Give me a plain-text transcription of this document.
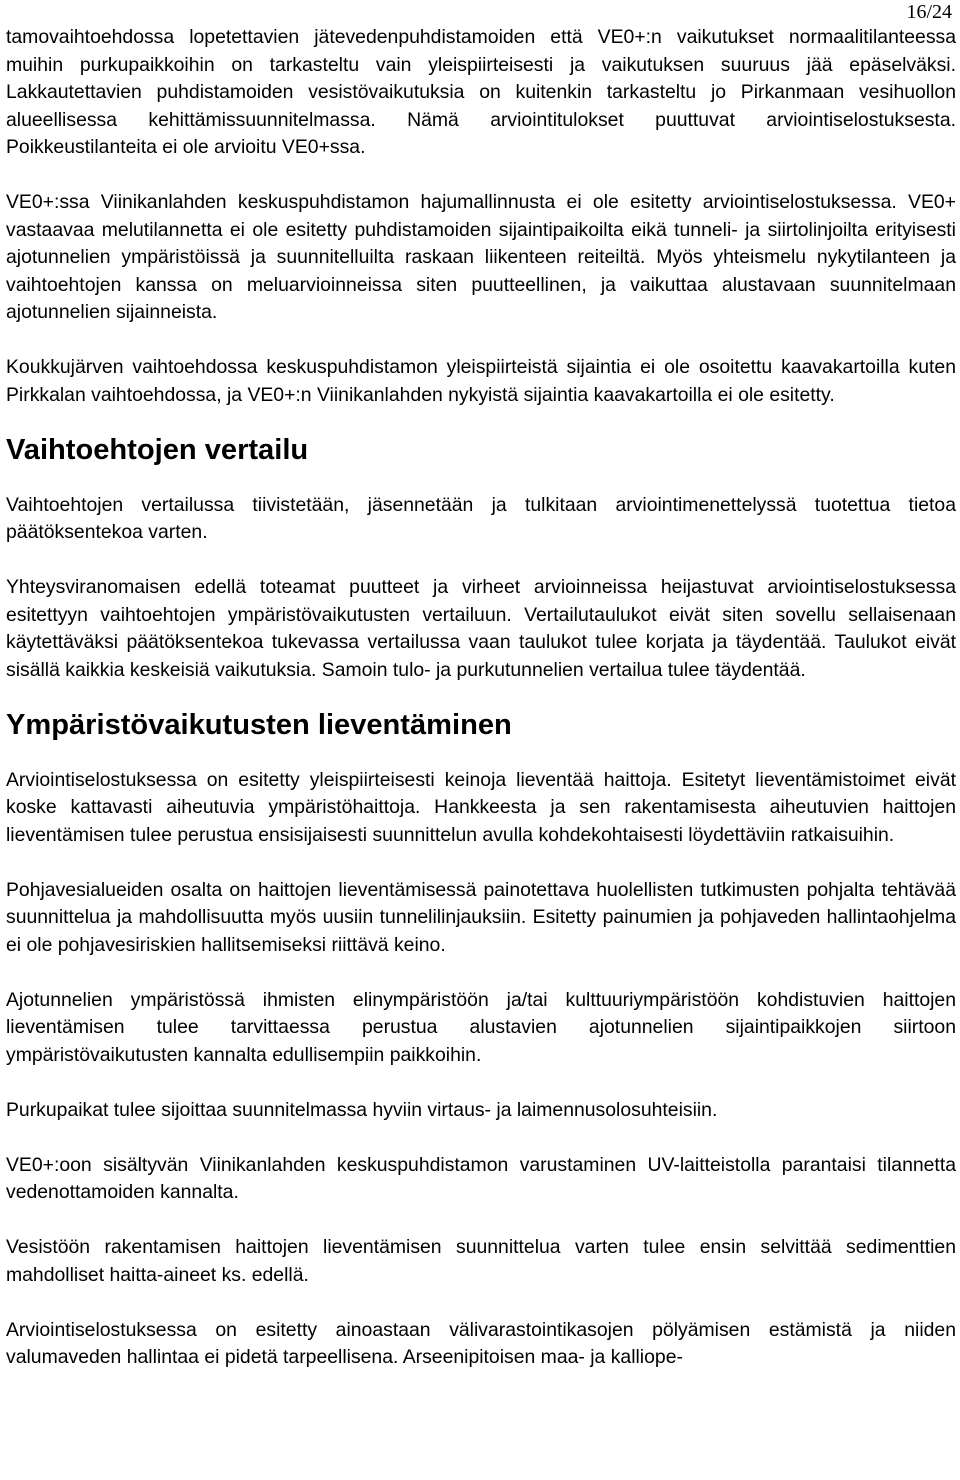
16/24

tamovaihtoehdossa lopetettavien jätevedenpuhdistamoiden että VE0+:n vaikutukset normaalitilanteessa muihin purkupaikkoihin on tarkasteltu vain yleispiirteisesti ja vaikutuksen suuruus jää epäselväksi. Lakkautettavien puhdistamoiden vesistövaikutuksia on kuitenkin tarkasteltu jo Pirkanmaan vesihuollon alueellisessa kehittämissuunnitelmassa. Nämä arviointitulokset puuttuvat arviointiselostuksesta. Poikkeustilanteita ei ole arvioitu VE0+ssa.

VE0+:ssa Viinikanlahden keskuspuhdistamon hajumallinnusta ei ole esitetty arviointiselostuksessa. VE0+ vastaavaa melutilannetta ei ole esitetty puhdistamoiden sijaintipaikoilta eikä tunneli- ja siirtolinjoilta erityisesti ajotunnelien ympäristöissä ja suunnitelluilta raskaan liikenteen reiteiltä. Myös yhteismelu nykytilanteen ja vaihtoehtojen kanssa on meluarvioinneissa siten puutteellinen, ja vaikuttaa alustavaan suunnitelmaan ajotunnelien sijainneista.

Koukkujärven vaihtoehdossa keskuspuhdistamon yleispiirteistä sijaintia ei ole osoitettu kaavakartoilla kuten Pirkkalan vaihtoehdossa, ja VE0+:n Viinikanlahden nykyistä sijaintia kaavakartoilla ei ole esitetty.

Vaihtoehtojen vertailu

Vaihtoehtojen vertailussa tiivistetään, jäsennetään ja tulkitaan arviointimenettelyssä tuotettua tietoa päätöksentekoa varten.

Yhteysviranomaisen edellä toteamat puutteet ja virheet arvioinneissa heijastuvat arviointiselostuksessa esitettyyn vaihtoehtojen ympäristövaikutusten vertailuun. Vertailutaulukot eivät siten sovellu sellaisenaan käytettäväksi päätöksentekoa tukevassa vertailussa vaan taulukot tulee korjata ja täydentää. Taulukot eivät sisällä kaikkia keskeisiä vaikutuksia. Samoin tulo- ja purkutunnelien vertailua tulee täydentää.

Ympäristövaikutusten lieventäminen

Arviointiselostuksessa on esitetty yleispiirteisesti keinoja lieventää haittoja. Esitetyt lieventämistoimet eivät koske kattavasti aiheutuvia ympäristöhaittoja. Hankkeesta ja sen rakentamisesta aiheutuvien haittojen lieventämisen tulee perustua ensisijaisesti suunnittelun avulla kohdekohtaisesti löydettäviin ratkaisuihin.

Pohjavesialueiden osalta on haittojen lieventämisessä painotettava huolellisten tutkimusten pohjalta tehtävää suunnittelua ja mahdollisuutta myös uusiin tunnelilinjauksiin. Esitetty painumien ja pohjaveden hallintaohjelma ei ole pohjavesiriskien hallitsemiseksi riittävä keino.

Ajotunnelien ympäristössä ihmisten elinympäristöön ja/tai kulttuuriympäristöön kohdistuvien haittojen lieventämisen tulee tarvittaessa perustua alustavien ajotunnelien sijaintipaikkojen siirtoon ympäristövaikutusten kannalta edullisempiin paikkoihin.

Purkupaikat tulee sijoittaa suunnitelmassa hyviin virtaus- ja laimennusolosuhteisiin.

VE0+:oon sisältyvän Viinikanlahden keskuspuhdistamon varustaminen UV-laitteistolla parantaisi tilannetta vedenottamoiden kannalta.

Vesistöön rakentamisen haittojen lieventämisen suunnittelua varten tulee ensin selvittää sedimenttien mahdolliset haitta-aineet ks. edellä.

Arviointiselostuksessa on esitetty ainoastaan välivarastointikasojen pölyämisen estämistä ja niiden valumaveden hallintaa ei pidetä tarpeellisena. Arseenipitoisen maa- ja kalliope-
